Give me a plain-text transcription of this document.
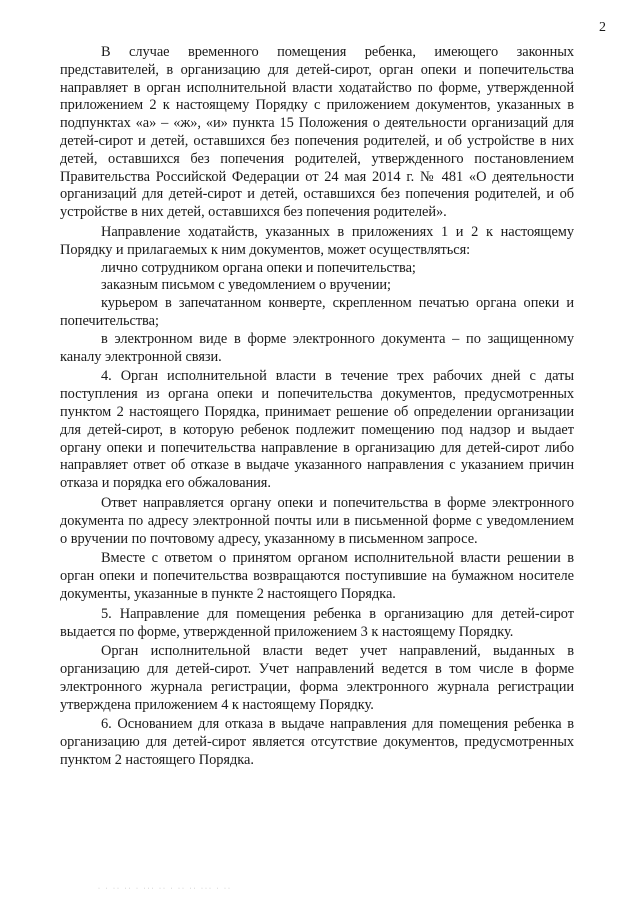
2

В случае временного помещения ребенка, имеющего законных представителей, в организацию для детей-сирот, орган опеки и попечительства направляет в орган исполнительной власти ходатайство по форме, утвержденной приложением 2 к настоящему Порядку с приложением документов, указанных в подпунктах «а» – «ж», «и» пункта 15 Положения о деятельности организаций для детей-сирот и детей, оставшихся без попечения родителей, и об устройстве в них детей, оставшихся без попечения родителей, утвержденного постановлением Правительства Российской Федерации от 24 мая 2014 г. № 481 «О деятельности организаций для детей-сирот и детей, оставшихся без попечения родителей, и об устройстве в них детей, оставшихся без попечения родителей».

Направление ходатайств, указанных в приложениях 1 и 2 к настоящему Порядку и прилагаемых к ним документов, может осуществляться:

лично сотрудником органа опеки и попечительства;

заказным письмом с уведомлением о вручении;

курьером в запечатанном конверте, скрепленном печатью органа опеки и попечительства;

в электронном виде в форме электронного документа – по защищенному каналу электронной связи.

4. Орган исполнительной власти в течение трех рабочих дней с даты поступления из органа опеки и попечительства документов, предусмотренных пунктом 2 настоящего Порядка, принимает решение об определении организации для детей-сирот, в которую ребенок подлежит помещению под надзор и выдает органу опеки и попечительства направление в организацию для детей-сирот либо направляет ответ об отказе в выдаче указанного направления с указанием причин отказа и порядка его обжалования.

Ответ направляется органу опеки и попечительства в форме электронного документа по адресу электронной почты или в письменной форме с уведомлением о вручении по почтовому адресу, указанному в письменном запросе.

Вместе с ответом о принятом органом исполнительной власти решении в орган опеки и попечительства возвращаются поступившие на бумажном носителе документы, указанные в пункте 2 настоящего Порядка.

5. Направление для помещения ребенка в организацию для детей-сирот выдается по форме, утвержденной приложением 3 к настоящему Порядку.

Орган исполнительной власти ведет учет направлений, выданных в организацию для детей-сирот. Учет направлений ведется в том числе в форме электронного журнала регистрации, форма электронного журнала регистрации утверждена приложением 4 к настоящему Порядку.

6. Основанием для отказа в выдаче направления для помещения ребенка в организацию для детей-сирот является отсутствие документов, предусмотренных пунктом 2 настоящего Порядка.

· · ·· ·· · ··· ·· · ·· ·· ··· · ··
